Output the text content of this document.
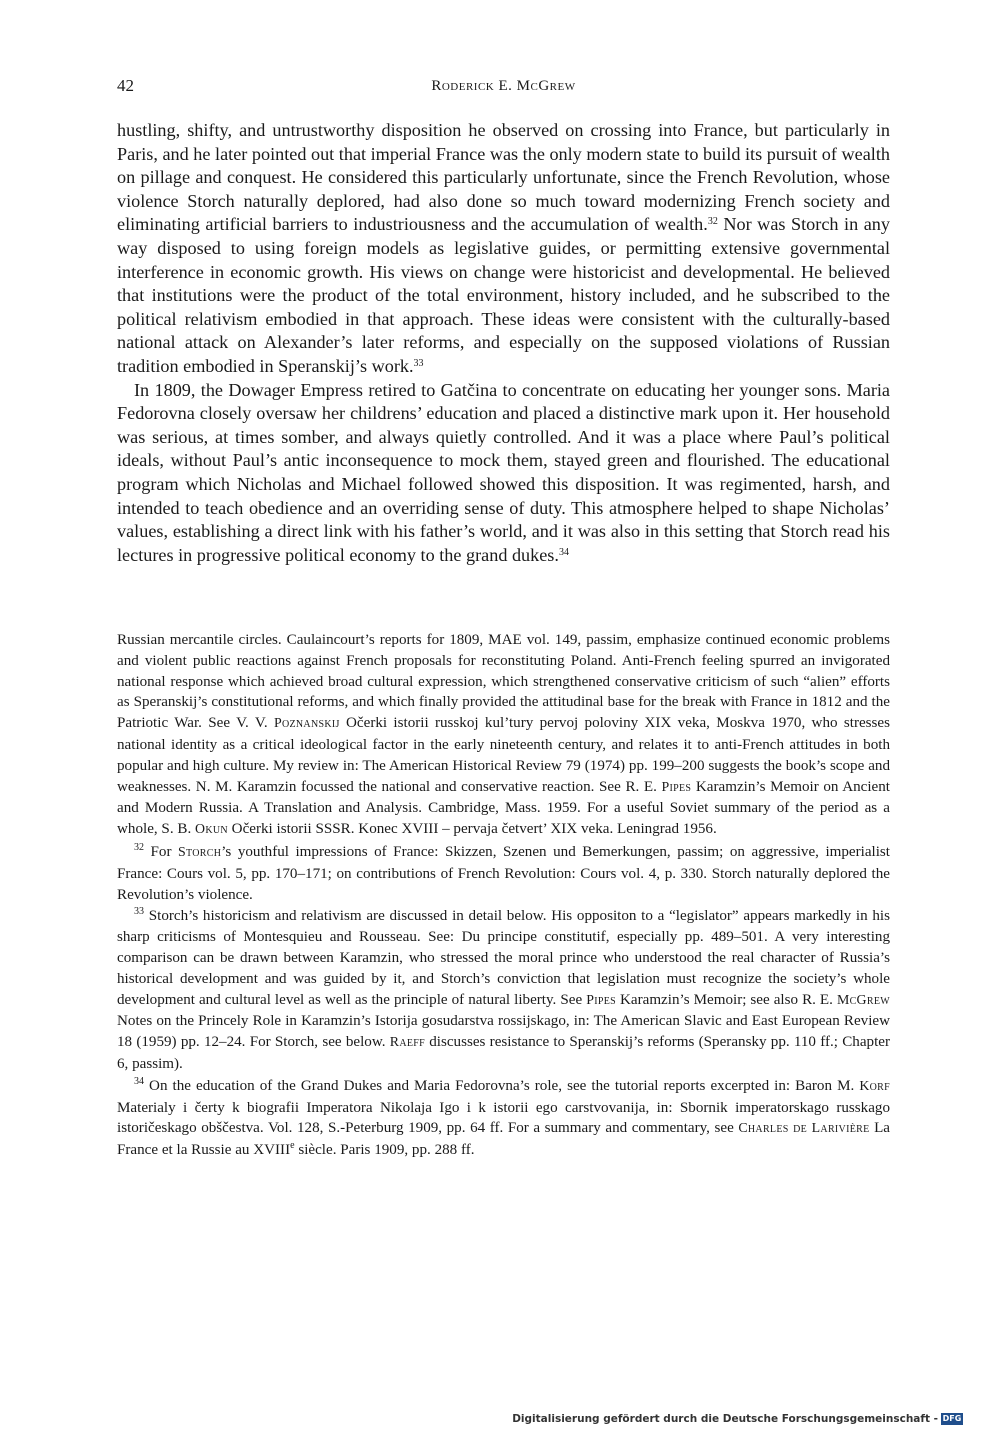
42	Roderick E. McGrew

hustling, shifty, and untrustworthy disposition he observed on crossing into France, but particularly in Paris, and he later pointed out that imperial France was the only modern state to build its pursuit of wealth on pillage and conquest. He considered this particularly unfortunate, since the French Revolution, whose violence Storch naturally deplored, had also done so much toward modernizing French society and eliminating artificial barriers to industriousness and the accumulation of wealth.$^{32}$ Nor was Storch in any way disposed to using foreign models as legislative guides, or permitting extensive governmental interference in economic growth. His views on change were historicist and developmental. He believed that institutions were the product of the total environment, history included, and he subscribed to the political relativism embodied in that approach. These ideas were consistent with the culturally-based national attack on Alexander’s later reforms, and especially on the supposed violations of Russian tradition embodied in Speranskij’s work.$^{33}$

In 1809, the Dowager Empress retired to Gatčina to concentrate on educating her younger sons. Maria Fedorovna closely oversaw her childrens’ education and placed a distinctive mark upon it. Her household was serious, at times somber, and always quietly controlled. And it was a place where Paul’s political ideals, without Paul’s antic inconsequence to mock them, stayed green and flourished. The educational program which Nicholas and Michael followed showed this disposition. It was regimented, harsh, and intended to teach obedience and an overriding sense of duty. This atmosphere helped to shape Nicholas’ values, establishing a direct link with his father’s world, and it was also in this setting that Storch read his lectures in progressive political economy to the grand dukes.$^{34}$

Russian mercantile circles. Caulaincourt’s reports for 1809, MAE vol. 149, passim, emphasize continued economic problems and violent public reactions against French proposals for reconstituting Poland. Anti-French feeling spurred an invigorated national response which achieved broad cultural expression, which strengthened conservative criticism of such “alien” efforts as Speranskij’s constitutional reforms, and which finally provided the attitudinal base for the break with France in 1812 and the Patriotic War. See V. V. Poznanskij Očerki istorii russkoj kul’tury pervoj poloviny XIX veka, Moskva 1970, who stresses national identity as a critical ideological factor in the early nineteenth century, and relates it to anti-French attitudes in both popular and high culture. My review in: The American Historical Review 79 (1974) pp. 199–200 suggests the book’s scope and weaknesses. N. M. Karamzin focussed the national and conservative reaction. See R. E. Pipes Karamzin’s Memoir on Ancient and Modern Russia. A Translation and Analysis. Cambridge, Mass. 1959. For a useful Soviet summary of the period as a whole, S. B. Okun Očerki istorii SSSR. Konec XVIII – pervaja četvert’ XIX veka. Leningrad 1956.

$^{32}$ For Storch’s youthful impressions of France: Skizzen, Szenen und Bemerkungen, passim; on aggressive, imperialist France: Cours vol. 5, pp. 170–171; on contributions of French Revolution: Cours vol. 4, p. 330. Storch naturally deplored the Revolution’s violence.

$^{33}$ Storch’s historicism and relativism are discussed in detail below. His oppositon to a “legislator” appears markedly in his sharp criticisms of Montesquieu and Rousseau. See: Du principe constitutif, especially pp. 489–501. A very interesting comparison can be drawn between Karamzin, who stressed the moral prince who understood the real character of Russia’s historical development and was guided by it, and Storch’s conviction that legislation must recognize the society’s whole development and cultural level as well as the principle of natural liberty. See Pipes Karamzin’s Memoir; see also R. E. McGrew Notes on the Princely Role in Karamzin’s Istorija gosudarstva rossijskago, in: The American Slavic and East European Review 18 (1959) pp. 12–24. For Storch, see below. Raeff discusses resistance to Speranskij’s reforms (Speransky pp. 110 ff.; Chapter 6, passim).

$^{34}$ On the education of the Grand Dukes and Maria Fedorovna’s role, see the tutorial reports excerpted in: Baron M. Korf Materialy i čerty k biografii Imperatora Nikolaja Igo i k istorii ego carstvovanija, in: Sbornik imperatorskago russkago istoričeskago obščestva. Vol. 128, S.-Peterburg 1909, pp. 64 ff. For a summary and commentary, see Charles de Larivière La France et la Russie au XVIIIe siècle. Paris 1909, pp. 288 ff.

Digitalisierung gefördert durch die Deutsche Forschungsgemeinschaft - DFG
